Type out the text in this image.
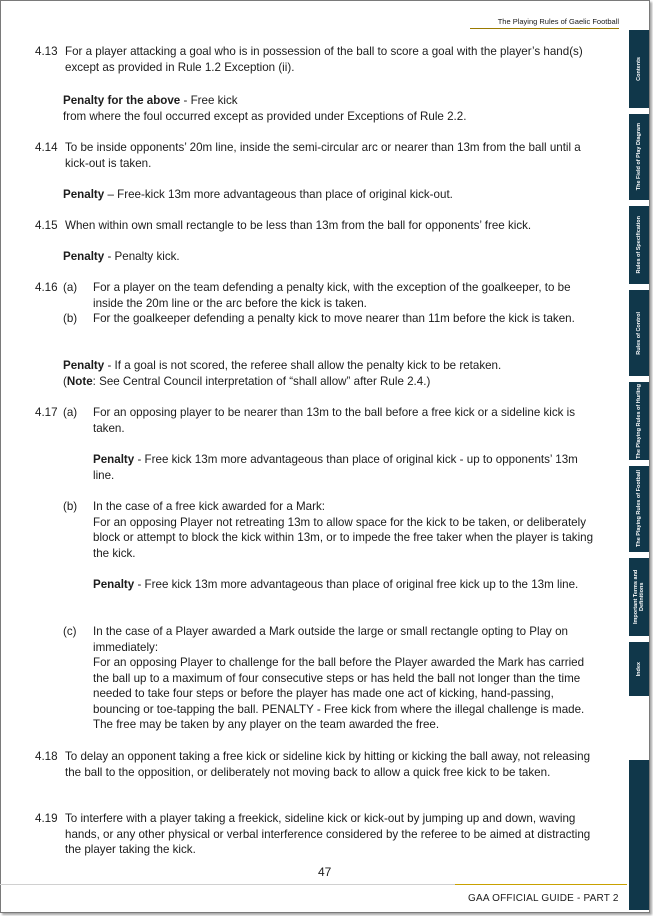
The Playing Rules of Gaelic Football
4.13 For a player attacking a goal who is in possession of the ball to score a goal with the player’s hand(s) except as provided in Rule 1.2 Exception (ii).

Penalty for the above - Free kick

from where the foul occurred except as provided under Exceptions of Rule 2.2.

4.14 To be inside opponents’ 20m line, inside the semi-circular arc or nearer than 13m from the ball until a kick-out is taken.

Penalty – Free-kick 13m more advantageous than place of original kick-out.

4.15 When within own small rectangle to be less than 13m from the ball for opponents’ free kick.

Penalty - Penalty kick.

4.16 (a)	For a player on the team defending a penalty kick, with the exception of the goalkeeper, to be inside the 20m line or the arc before the kick is taken.

(b)	For the goalkeeper defending a penalty kick to move nearer than 11m before the kick is taken.

Penalty - If a goal is not scored, the referee shall allow the penalty kick to be retaken.

(Note: See Central Council interpretation of “shall allow” after Rule 2.4.)

4.17 (a)	For an opposing player to be nearer than 13m to the ball before a free kick or a sideline kick is taken.

Penalty - Free kick 13m more advantageous than place of original kick - up to opponents’ 13m line.

(b)	In the case of a free kick awarded for a Mark:

For an opposing Player not retreating 13m to allow space for the kick to be taken, or deliberately block or attempt to block the kick within 13m, or to impede the free taker when the player is taking the kick.

Penalty - Free kick 13m more advantageous than place of original free kick up to the 13m line.

(c)	In the case of a Player awarded a Mark outside the large or small rectangle opting to Play on immediately:

For an opposing Player to challenge for the ball before the Player awarded the Mark has carried the ball up to a maximum of four consecutive steps or has held the ball not longer than the time needed to take four steps or before the player has made one act of kicking, hand-passing, bouncing or toe-tapping the ball. PENALTY - Free kick from where the illegal challenge is made. The free may be taken by any player on the team awarded the free.

4.18 To delay an opponent taking a free kick or sideline kick by hitting or kicking the ball away, not releasing the ball to the opposition, or deliberately not moving back to allow a quick free kick to be taken.

4.19 To interfere with a player taking a freekick, sideline kick or kick-out by jumping up and down, waving hands, or any other physical or verbal interference considered by the referee to be aimed at distracting the player taking the kick.

Contents
The Field of Play Diagram
Rules of Specification
Rules of Control
The Playing Rules of Hurling
The Playing Rules of Football
Important Terms and Definitions
Index
47
GAA OFFICIAL GUIDE - PART 2
